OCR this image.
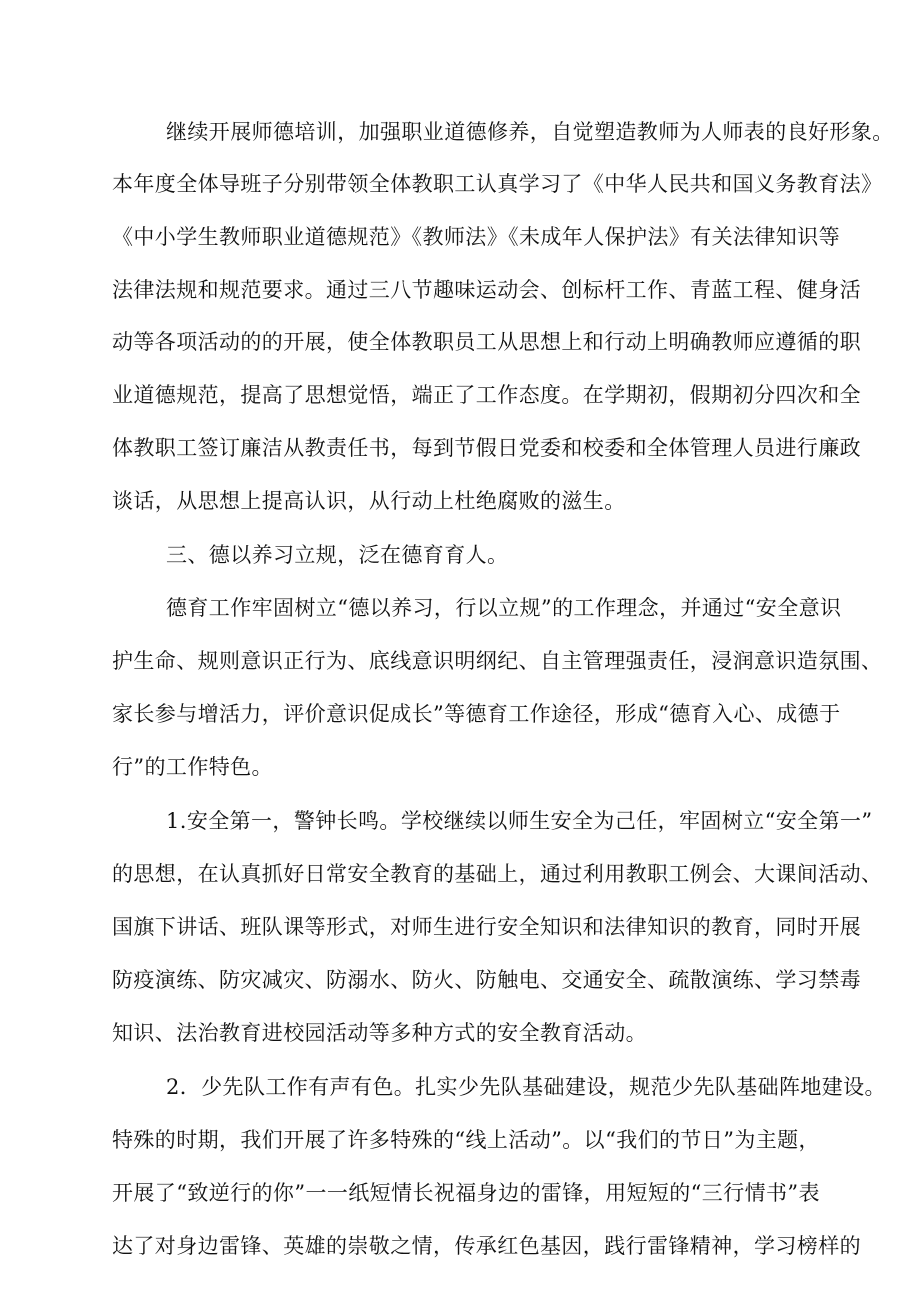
继续开展师德培训，加强职业道德修养，自觉塑造教师为人师表的良好形象。
本年度全体导班子分别带领全体教职工认真学习了《中华人民共和国义务教育法》
《中小学生教师职业道德规范》《教师法》《未成年人保护法》有关法律知识等
法律法规和规范要求。通过三八节趣味运动会、创标杆工作、青蓝工程、健身活
动等各项活动的的开展，使全体教职员工从思想上和行动上明确教师应遵循的职
业道德规范，提高了思想觉悟，端正了工作态度。在学期初，假期初分四次和全
体教职工签订廉洁从教责任书，每到节假日党委和校委和全体管理人员进行廉政
谈话，从思想上提高认识，从行动上杜绝腐败的滋生。
三、德以养习立规，泛在德育育人。
德育工作牢固树立“德以养习，行以立规”的工作理念，并通过“安全意识
护生命、规则意识正行为、底线意识明纲纪、自主管理强责任，浸润意识造氛围、
家长参与增活力，评价意识促成长”等德育工作途径，形成“德育入心、成德于
行”的工作特色。
1.安全第一，警钟长鸣。学校继续以师生安全为己任，牢固树立“安全第一”
的思想，在认真抓好日常安全教育的基础上，通过利用教职工例会、大课间活动、
国旗下讲话、班队课等形式，对师生进行安全知识和法律知识的教育，同时开展
防疫演练、防灾减灾、防溺水、防火、防触电、交通安全、疏散演练、学习禁毒
知识、法治教育进校园活动等多种方式的安全教育活动。
2．少先队工作有声有色。扎实少先队基础建设，规范少先队基础阵地建设。
特殊的时期，我们开展了许多特殊的“线上活动”。以“我们的节日”为主题，
开展了“致逆行的你”一一纸短情长祝福身边的雷锋，用短短的“三行情书”表
达了对身边雷锋、英雄的崇敬之情，传承红色基因，践行雷锋精神，学习榜样的
